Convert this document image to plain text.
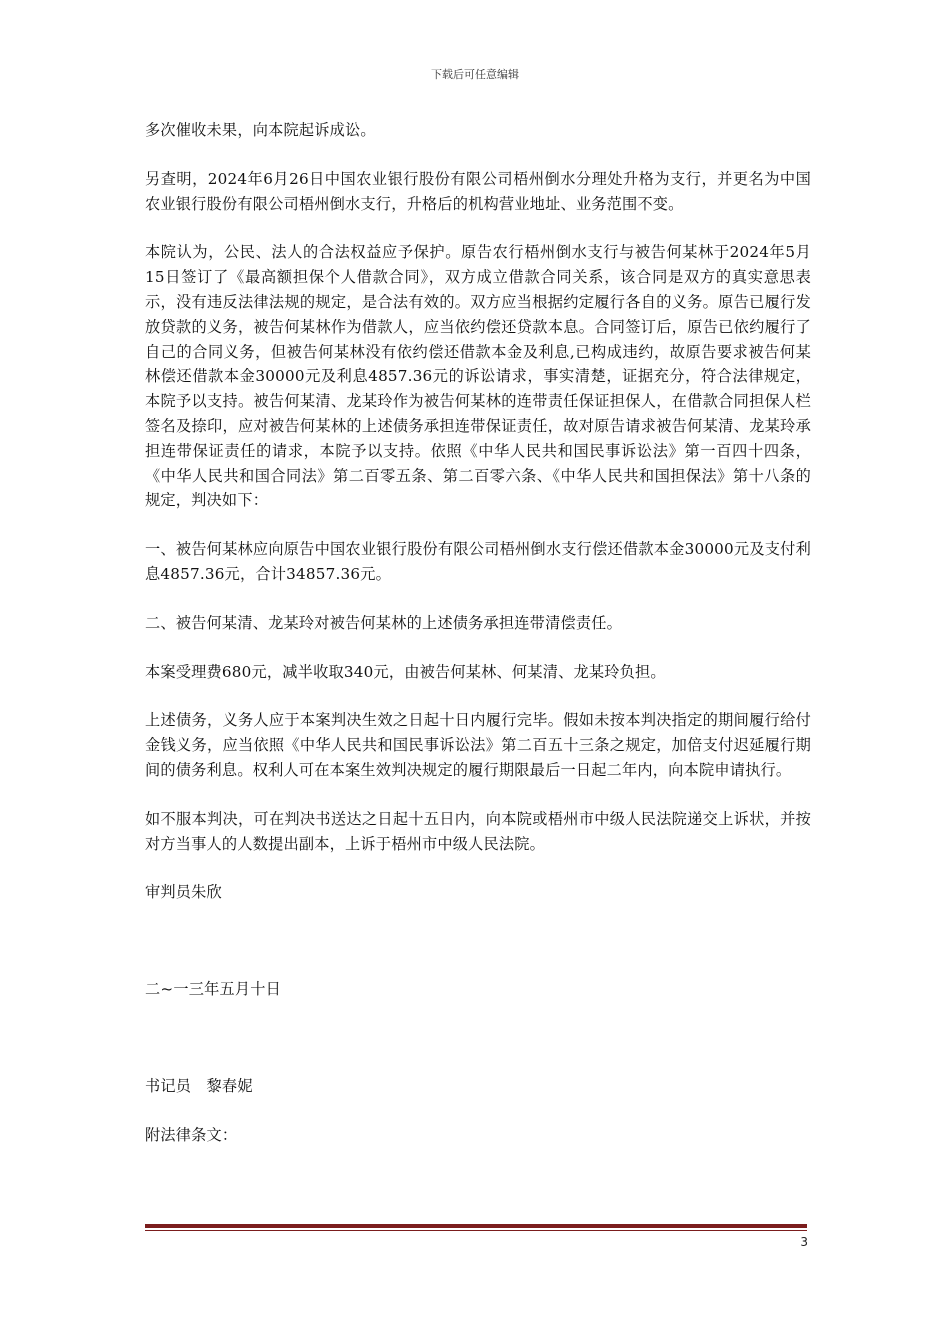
下载后可任意编辑

多次催收未果，向本院起诉成讼。

另查明，2024年6月26日中国农业银行股份有限公司梧州倒水分理处升格为支行，并更名为中国农业银行股份有限公司梧州倒水支行，升格后的机构营业地址、业务范围不变。

本院认为，公民、法人的合法权益应予保护。原告农行梧州倒水支行与被告何某林于2024年5月15日签订了《最高额担保个人借款合同》，双方成立借款合同关系，该合同是双方的真实意思表示，没有违反法律法规的规定，是合法有效的。双方应当根据约定履行各自的义务。原告已履行发放贷款的义务，被告何某林作为借款人，应当依约偿还贷款本息。合同签订后，原告已依约履行了自己的合同义务，但被告何某林没有依约偿还借款本金及利息,已构成违约，故原告要求被告何某林偿还借款本金30000元及利息4857.36元的诉讼请求，事实清楚，证据充分，符合法律规定，本院予以支持。被告何某清、龙某玲作为被告何某林的连带责任保证担保人，在借款合同担保人栏签名及捺印，应对被告何某林的上述债务承担连带保证责任，故对原告请求被告何某清、龙某玲承担连带保证责任的请求，本院予以支持。依照《中华人民共和国民事诉讼法》第一百四十四条，《中华人民共和国合同法》第二百零五条、第二百零六条、《中华人民共和国担保法》第十八条的规定，判决如下：

一、被告何某林应向原告中国农业银行股份有限公司梧州倒水支行偿还借款本金30000元及支付利息4857.36元，合计34857.36元。

二、被告何某清、龙某玲对被告何某林的上述债务承担连带清偿责任。

本案受理费680元，减半收取340元，由被告何某林、何某清、龙某玲负担。

上述债务，义务人应于本案判决生效之日起十日内履行完毕。假如未按本判决指定的期间履行给付金钱义务，应当依照《中华人民共和国民事诉讼法》第二百五十三条之规定，加倍支付迟延履行期间的债务利息。权利人可在本案生效判决规定的履行期限最后一日起二年内，向本院申请执行。

如不服本判决，可在判决书送达之日起十五日内，向本院或梧州市中级人民法院递交上诉状，并按对方当事人的人数提出副本，上诉于梧州市中级人民法院。

审判员朱欣

二~一三年五月十日

书记员　黎春妮

附法律条文：

3
